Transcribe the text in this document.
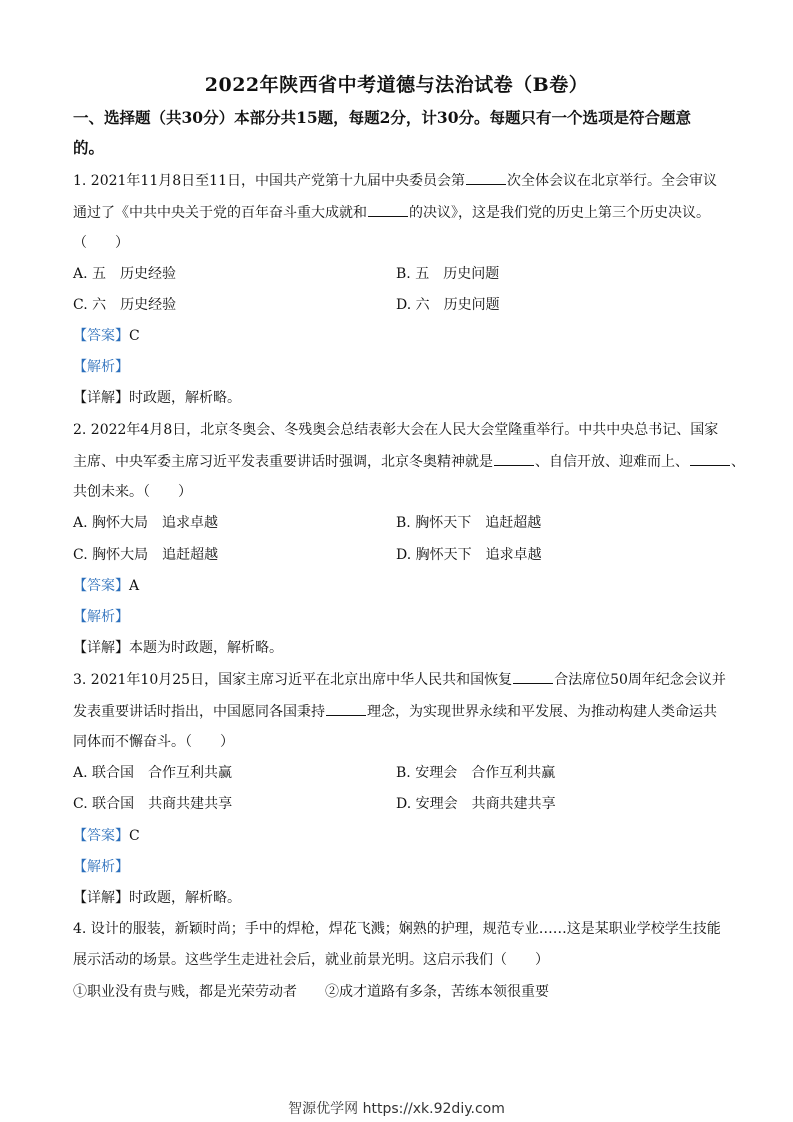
2022年陕西省中考道德与法治试卷（B卷）
一、选择题（共30分）本部分共15题，每题2分，计30分。每题只有一个选项是符合题意
的。
1. 2021年11月8日至11日，中国共产党第十九届中央委员会第	次全体会议在北京举行。全会审议
通过了《中共中央关于党的百年奋斗重大成就和	的决议》，这是我们党的历史上第三个历史决议。
（　　）
A. 五　历史经验	B. 五　历史问题
C. 六　历史经验	D. 六　历史问题
【答案】C
【解析】
【详解】时政题，解析略。
2. 2022年4月8日，北京冬奥会、冬残奥会总结表彰大会在人民大会堂隆重举行。中共中央总书记、国家
主席、中央军委主席习近平发表重要讲话时强调，北京冬奥精神就是	、自信开放、迎难而上、	、
共创未来。（　　）
A. 胸怀大局　追求卓越	B. 胸怀天下　追赶超越
C. 胸怀大局　追赶超越	D. 胸怀天下　追求卓越
【答案】A
【解析】
【详解】本题为时政题，解析略。
3. 2021年10月25日，国家主席习近平在北京出席中华人民共和国恢复	合法席位50周年纪念会议并
发表重要讲话时指出，中国愿同各国秉持	理念，为实现世界永续和平发展、为推动构建人类命运共
同体而不懈奋斗。（　　）
A. 联合国　合作互利共赢	B. 安理会　合作互利共赢
C. 联合国　共商共建共享	D. 安理会　共商共建共享
【答案】C
【解析】
【详解】时政题，解析略。
4. 设计的服装，新颖时尚；手中的焊枪，焊花飞溅；娴熟的护理，规范专业……这是某职业学校学生技能
展示活动的场景。这些学生走进社会后，就业前景光明。这启示我们（　　）
①职业没有贵与贱，都是光荣劳动者 ②成才道路有多条，苦练本领很重要
智源优学网 https://xk.92diy.com
